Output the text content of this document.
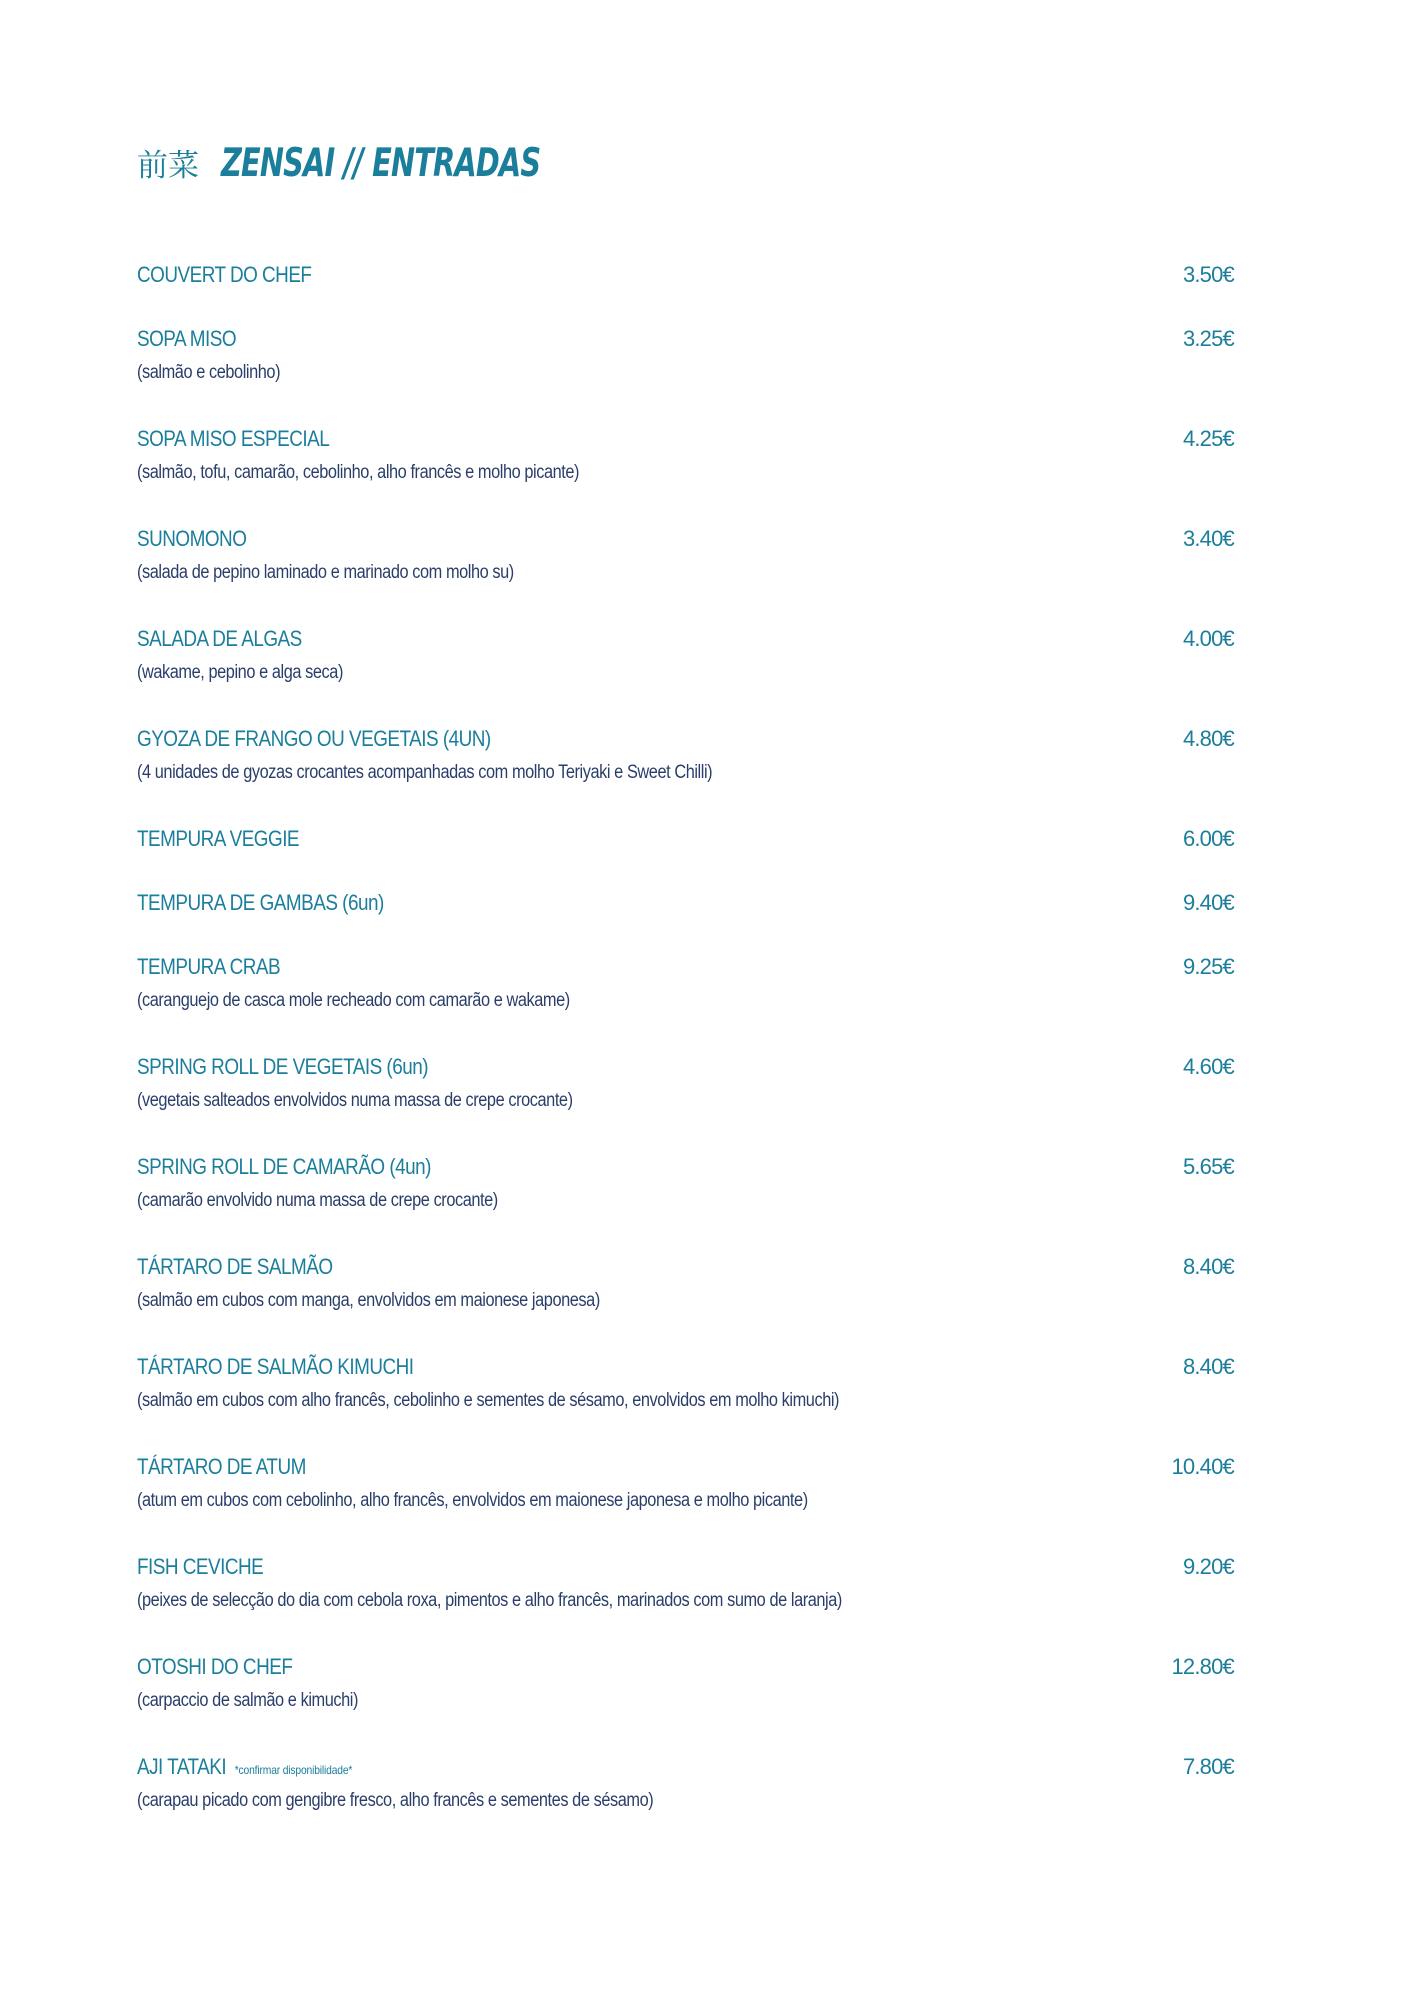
前菜 ZENSAI // ENTRADAS
COUVERT DO CHEF	3.50€
SOPA MISO	3.25€
(salmão e cebolinho)
SOPA MISO ESPECIAL	4.25€
(salmão, tofu, camarão, cebolinho, alho francês e molho picante)
SUNOMONO	3.40€
(salada de pepino laminado e marinado com molho su)
SALADA DE ALGAS	4.00€
(wakame, pepino e alga seca)
GYOZA DE FRANGO OU VEGETAIS (4UN)	4.80€
(4 unidades de gyozas crocantes acompanhadas com molho Teriyaki e Sweet Chilli)
TEMPURA VEGGIE	6.00€
TEMPURA DE GAMBAS (6un)	9.40€
TEMPURA CRAB	9.25€
(caranguejo de casca mole recheado com camarão e wakame)
SPRING ROLL DE VEGETAIS (6un)	4.60€
(vegetais salteados envolvidos numa massa de crepe crocante)
SPRING ROLL DE CAMARÃO (4un)	5.65€
(camarão envolvido numa massa de crepe crocante)
TÁRTARO DE SALMÃO	8.40€
(salmão em cubos com manga, envolvidos em maionese japonesa)
TÁRTARO DE SALMÃO KIMUCHI	8.40€
(salmão em cubos com alho francês, cebolinho e sementes de sésamo, envolvidos em molho kimuchi)
TÁRTARO DE ATUM	10.40€
(atum em cubos com cebolinho, alho francês, envolvidos em maionese japonesa e molho picante)
FISH CEVICHE	9.20€
(peixes de selecção do dia com cebola roxa, pimentos e alho francês, marinados com sumo de laranja)
OTOSHI DO CHEF	12.80€
(carpaccio de salmão e kimuchi)
AJI TATAKI *confirmar disponibilidade*	7.80€
(carapau picado com gengibre fresco, alho francês e sementes de sésamo)
